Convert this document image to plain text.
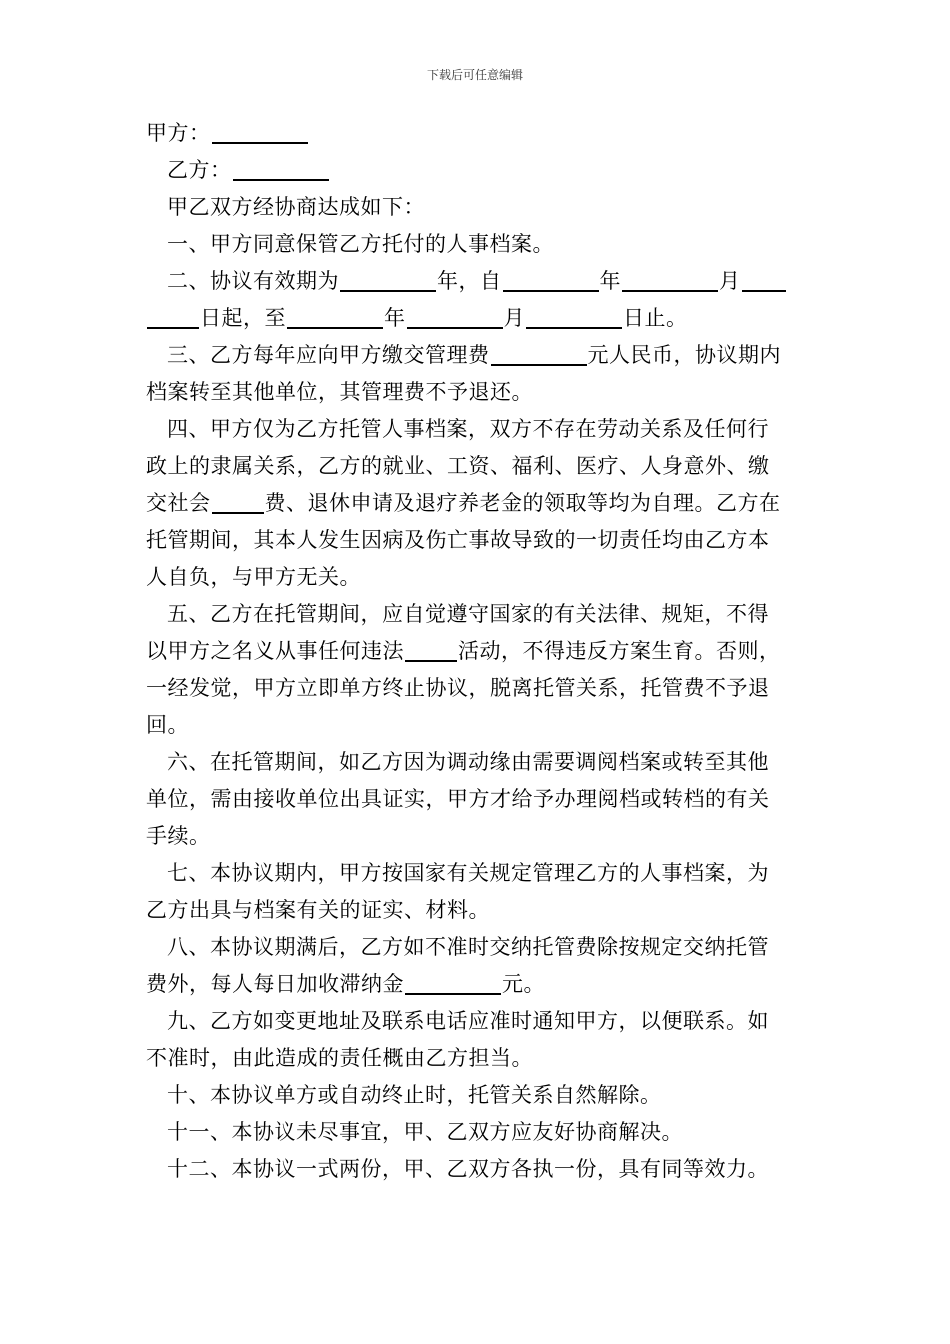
下载后可任意编辑
甲方：
乙方：
甲乙双方经协商达成如下：
一、甲方同意保管乙方托付的人事档案。
二、协议有效期为	年，自	年	月
日起，至	年	月	日止。
三、乙方每年应向甲方缴交管理费	元人民币，协议期内
档案转至其他单位，其管理费不予退还。
四、甲方仅为乙方托管人事档案，双方不存在劳动关系及任何行
政上的隶属关系，乙方的就业、工资、福利、医疗、人身意外、缴
交社会	费、退休申请及退疗养老金的领取等均为自理。乙方在
托管期间，其本人发生因病及伤亡事故导致的一切责任均由乙方本
人自负，与甲方无关。
五、乙方在托管期间，应自觉遵守国家的有关法律、规矩，不得
以甲方之名义从事任何违法	活动，不得违反方案生育。否则，
一经发觉，甲方立即单方终止协议，脱离托管关系，托管费不予退
回。
六、在托管期间，如乙方因为调动缘由需要调阅档案或转至其他
单位，需由接收单位出具证实，甲方才给予办理阅档或转档的有关
手续。
七、本协议期内，甲方按国家有关规定管理乙方的人事档案，为
乙方出具与档案有关的证实、材料。
八、本协议期满后，乙方如不准时交纳托管费除按规定交纳托管
费外，每人每日加收滞纳金	元。
九、乙方如变更地址及联系电话应准时通知甲方，以便联系。如
不准时，由此造成的责任概由乙方担当。
十、本协议单方或自动终止时，托管关系自然解除。
十一、本协议未尽事宜，甲、乙双方应友好协商解决。
十二、本协议一式两份，甲、乙双方各执一份，具有同等效力。
